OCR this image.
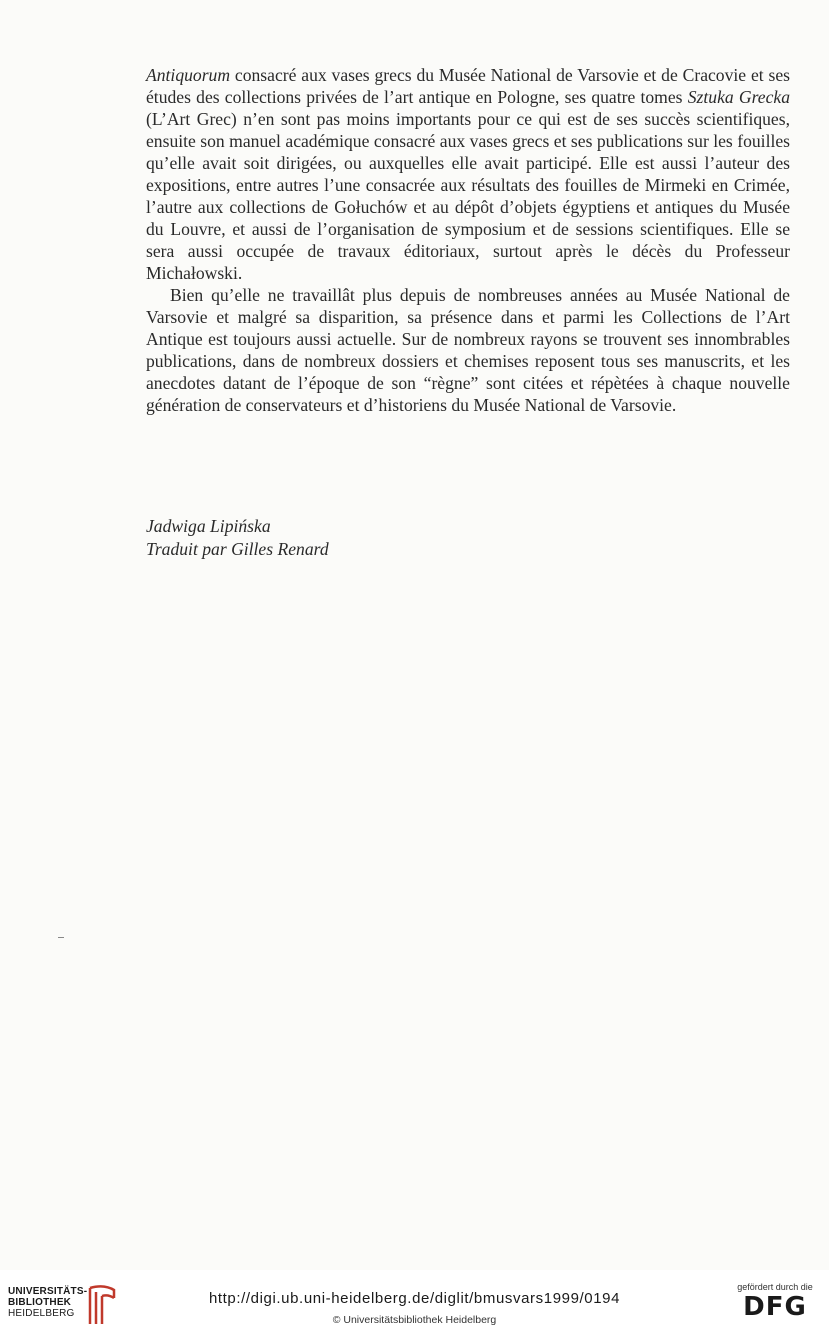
Antiquorum consacré aux vases grecs du Musée National de Varsovie et de Cracovie et ses études des collections privées de l’art antique en Pologne, ses quatre tomes Sztuka Grecka (L’Art Grec) n’en sont pas moins importants pour ce qui est de ses succès scientifiques, ensuite son manuel académique consacré aux vases grecs et ses publications sur les fouilles qu’elle avait soit dirigées, ou auxquelles elle avait participé. Elle est aussi l’auteur des expositions, entre autres l’une consacrée aux résultats des fouilles de Mirmeki en Crimée, l’autre aux collections de Gołuchów et au dépôt d’objets égyptiens et antiques du Musée du Louvre, et aussi de l’organisation de symposium et de sessions scientifiques. Elle se sera aussi occupée de travaux éditoriaux, surtout après le décès du Professeur Michałowski.

Bien qu’elle ne travaillât plus depuis de nombreuses années au Musée National de Varsovie et malgré sa disparition, sa présence dans et parmi les Collections de l’Art Antique est toujours aussi actuelle. Sur de nombreux rayons se trouvent ses innombrables publications, dans de nombreux dossiers et chemises reposent tous ses manuscrits, et les anecdotes datant de l’époque de son “règne” sont citées et répètées à chaque nouvelle génération de conservateurs et d’historiens du Musée National de Varsovie.

Jadwiga Lipińska
Traduit par Gilles Renard
UNIVERSITÄTS-
BIBLIOTHEK
HEIDELBERG
http://digi.ub.uni-heidelberg.de/diglit/bmusvars1999/0194
© Universitätsbibliothek Heidelberg
gefördert durch die
DFG
